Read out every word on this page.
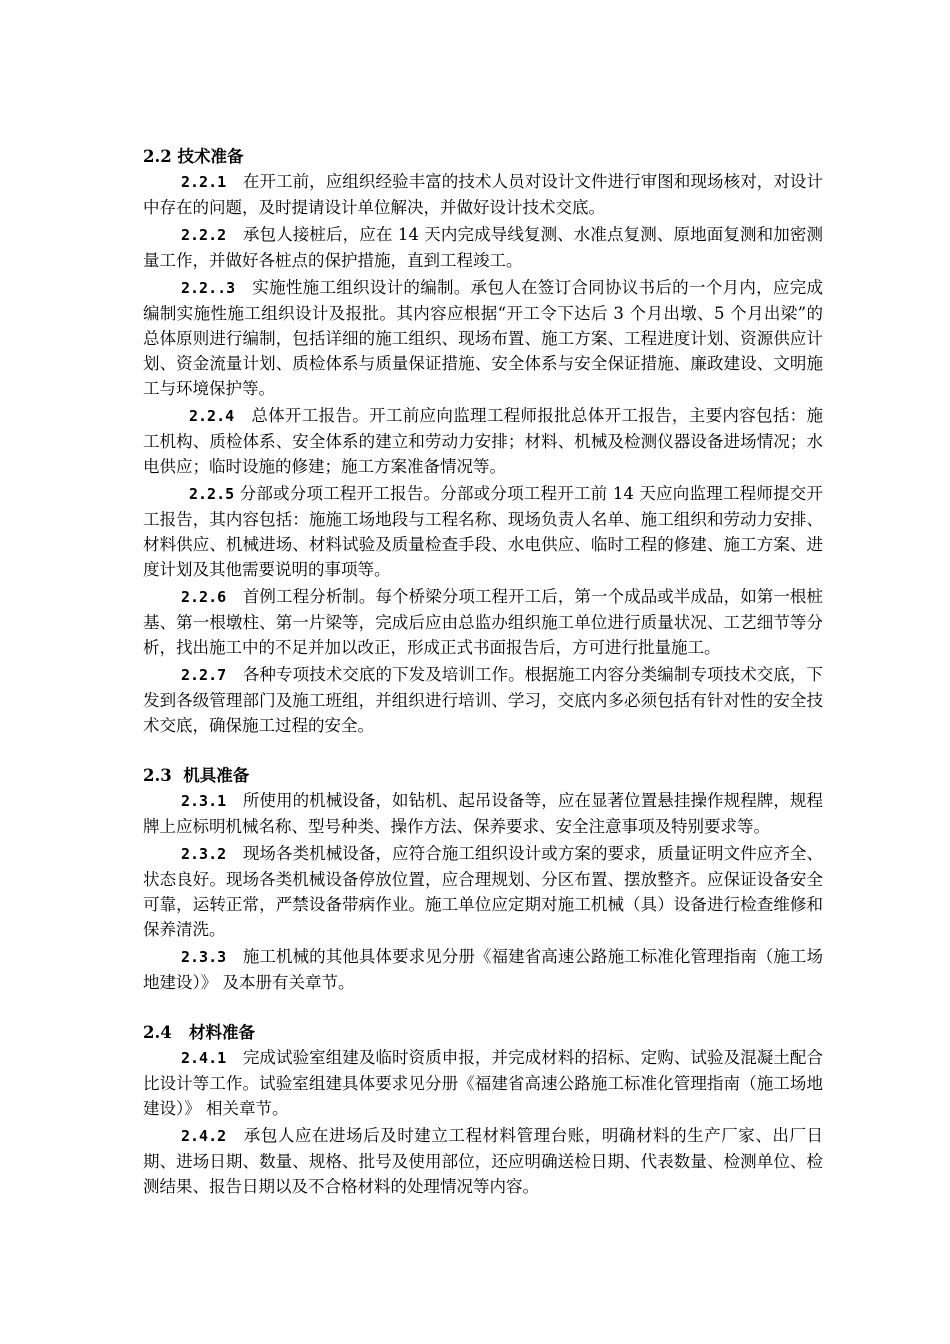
2.2 技术准备

2.2.1　 在开工前，应组织经验丰富的技术人员对设计文件进行审图和现场核对，对设计中存在的问题，及时提请设计单位解决，并做好设计技术交底。

2.2.2　 承包人接桩后，应在 14 天内完成导线复测、水准点复测、原地面复测和加密测量工作，并做好各桩点的保护措施，直到工程竣工。

2.2..3　 实施性施工组织设计的编制。承包人在签订合同协议书后的一个月内，应完成编制实施性施工组织设计及报批。其内容应根据“开工令下达后 3 个月出墩、5 个月出梁”的总体原则进行编制，包括详细的施工组织、现场布置、施工方案、工程进度计划、资源供应计划、资金流量计划、质检体系与质量保证措施、安全体系与安全保证措施、廉政建设、文明施工与环境保护等。

2.2.4　 总体开工报告。开工前应向监理工程师报批总体开工报告，主要内容包括：施工机构、质检体系、安全体系的建立和劳动力安排；材料、机械及检测仪器设备进场情况；水电供应；临时设施的修建；施工方案准备情况等。

2.2.5 分部或分项工程开工报告。分部或分项工程开工前 14 天应向监理工程师提交开工报告，其内容包括：施施工场地段与工程名称、现场负责人名单、施工组织和劳动力安排、材料供应、机械进场、材料试验及质量检查手段、水电供应、临时工程的修建、施工方案、进度计划及其他需要说明的事项等。

2.2.6　 首例工程分析制。每个桥梁分项工程开工后，第一个成品或半成品，如第一根桩基、第一根墩柱、第一片梁等，完成后应由总监办组织施工单位进行质量状况、工艺细节等分析，找出施工中的不足并加以改正，形成正式书面报告后，方可进行批量施工。

2.2.7　 各种专项技术交底的下发及培训工作。根据施工内容分类编制专项技术交底，下发到各级管理部门及施工班组，并组织进行培训、学习，交底内多必须包括有针对性的安全技术交底，确保施工过程的安全。

2.3  机具准备

2.3.1　 所使用的机械设备，如钻机、起吊设备等，应在显著位置悬挂操作规程牌，规程牌上应标明机械名称、型号种类、操作方法、保养要求、安全注意事项及特别要求等。

2.3.2　 现场各类机械设备，应符合施工组织设计或方案的要求，质量证明文件应齐全、状态良好。现场各类机械设备停放位置，应合理规划、分区布置、摆放整齐。应保证设备安全可靠，运转正常，严禁设备带病作业。施工单位应定期对施工机械（具）设备进行检查维修和保养清洗。

2.3.3　 施工机械的其他具体要求见分册《福建省高速公路施工标准化管理指南（施工场地建设）》 及本册有关章节。

2.4   材料准备

2.4.1　 完成试验室组建及临时资质申报，并完成材料的招标、定购、试验及混凝土配合比设计等工作。试验室组建具体要求见分册《福建省高速公路施工标准化管理指南（施工场地建设）》 相关章节。

2.4.2　 承包人应在进场后及时建立工程材料管理台账，明确材料的生产厂家、出厂日期、进场日期、数量、规格、批号及使用部位，还应明确送检日期、代表数量、检测单位、检测结果、报告日期以及不合格材料的处理情况等内容。
